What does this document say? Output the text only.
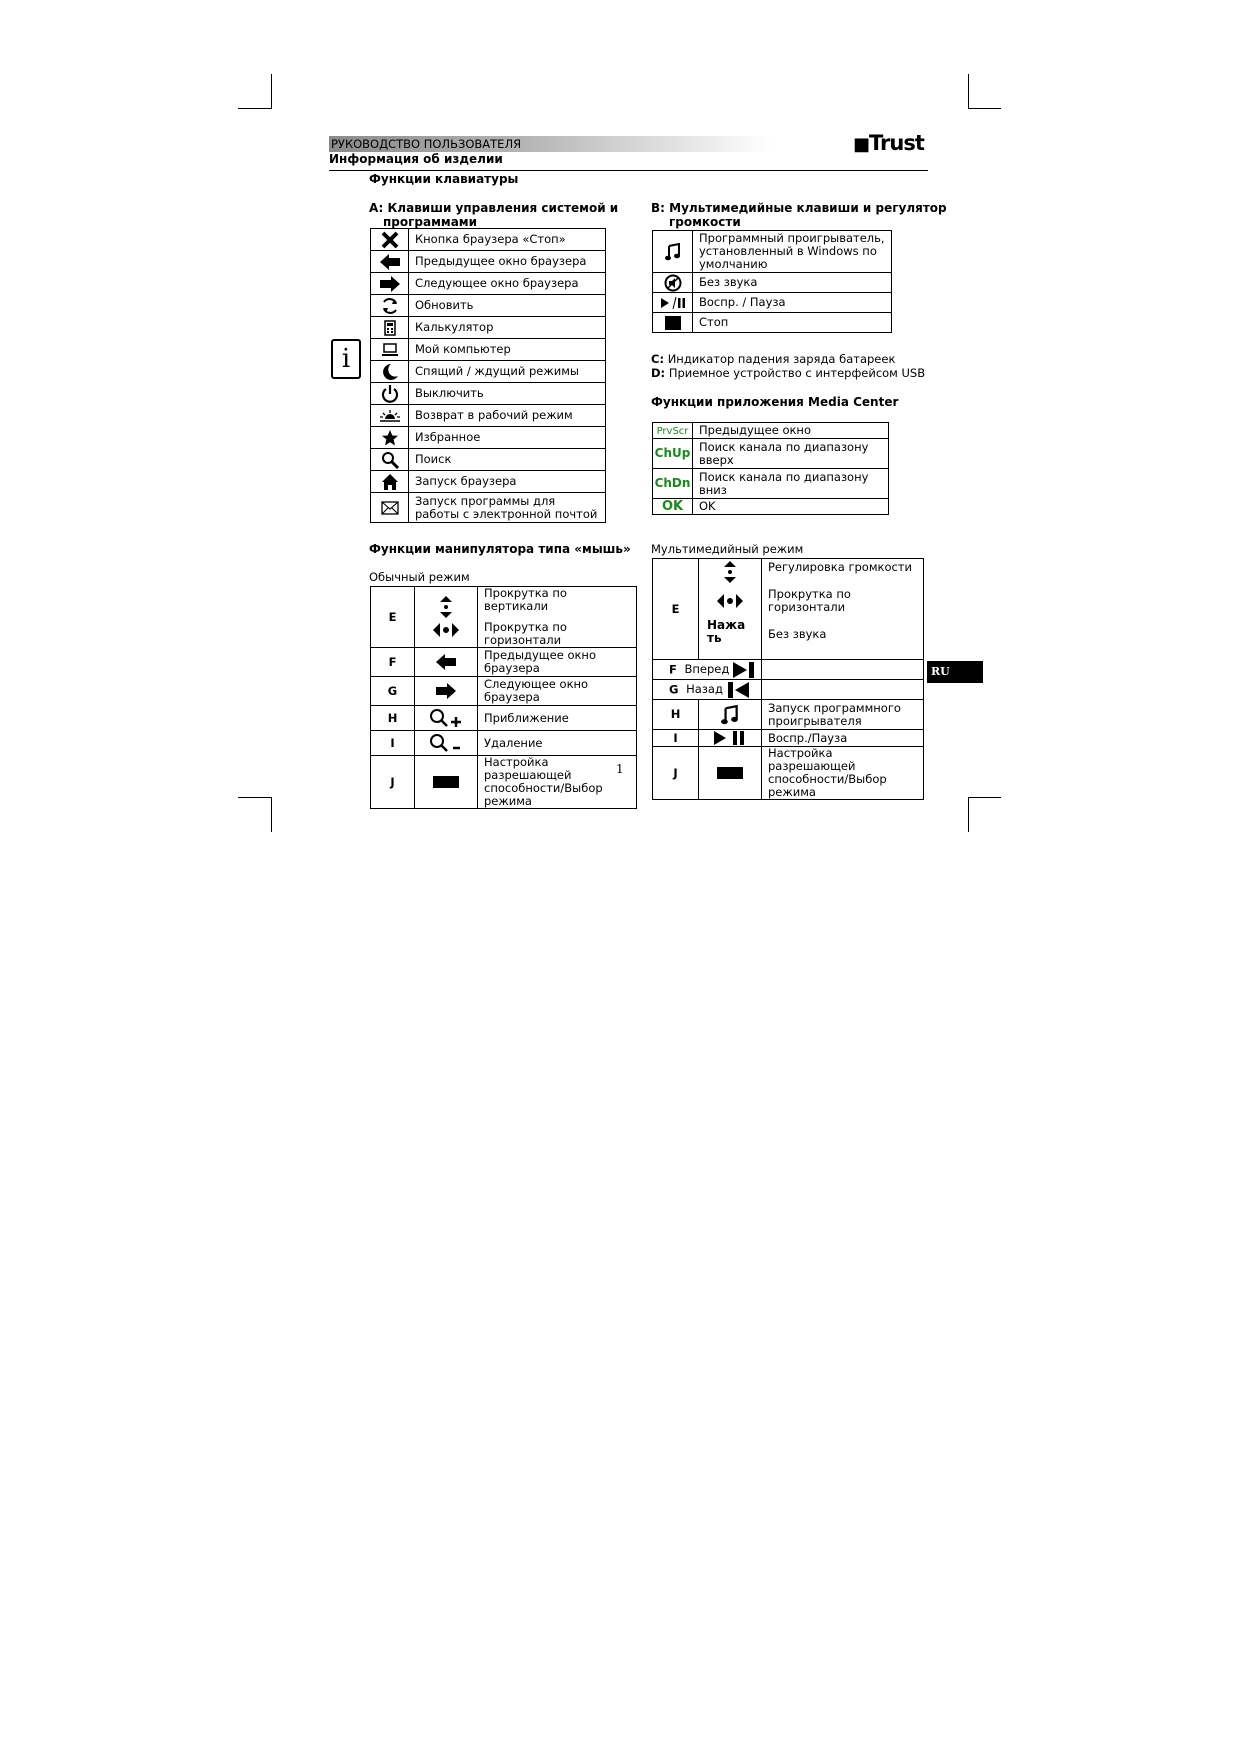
РУКОВОДСТВО ПОЛЬЗОВАТЕЛЯ	■Trust
Информация об изделии
Функции клавиатуры
i
A: Клавиши управления системой и
программами
	Кнопка браузера «Стоп»

	Предыдущее окно браузера

	Следующее окно браузера

	Обновить

	Калькулятор

	Мой компьютер

	Спящий / ждущий режимы

	Выключить

	Возврат в рабочий режим

	Избранное

	Поиск

	Запуск браузера

	Запуск программы для работы с электронной почтой
B: Мультимедийные клавиши и регулятор
громкости
	Программный проигрыватель, установленный в Windows по умолчанию

	Без звука

	Воспр. / Пауза

	Стоп
C: Индикатор падения заряда батареек
D: Приемное устройство с интерфейсом USB
Функции приложения Media Center
PrvScr	Предыдущее окно
ChUp	Поиск канала по диапазону вверх
ChDn	Поиск канала по диапазону вниз
OK	OK
Функции манипулятора типа «мышь»
Обычный режим
Мультимедийный режим
E		Прокрутка по вертикали
Прокрутка по горизонтали

F		Предыдущее окно браузера
G		Следующее окно браузера
H		Приближение
I		Удаление
J		Настройка разрешающей способности/Выбор режима
1
E	Нажать	Регулировка громкости
Прокрутка по горизонтали
Без звука

F Вперед		
G Назад		
H		Запуск программного проигрывателя
I		Воспр./Пауза
J		Настройка разрешающей способности/Выбор режима
RU
